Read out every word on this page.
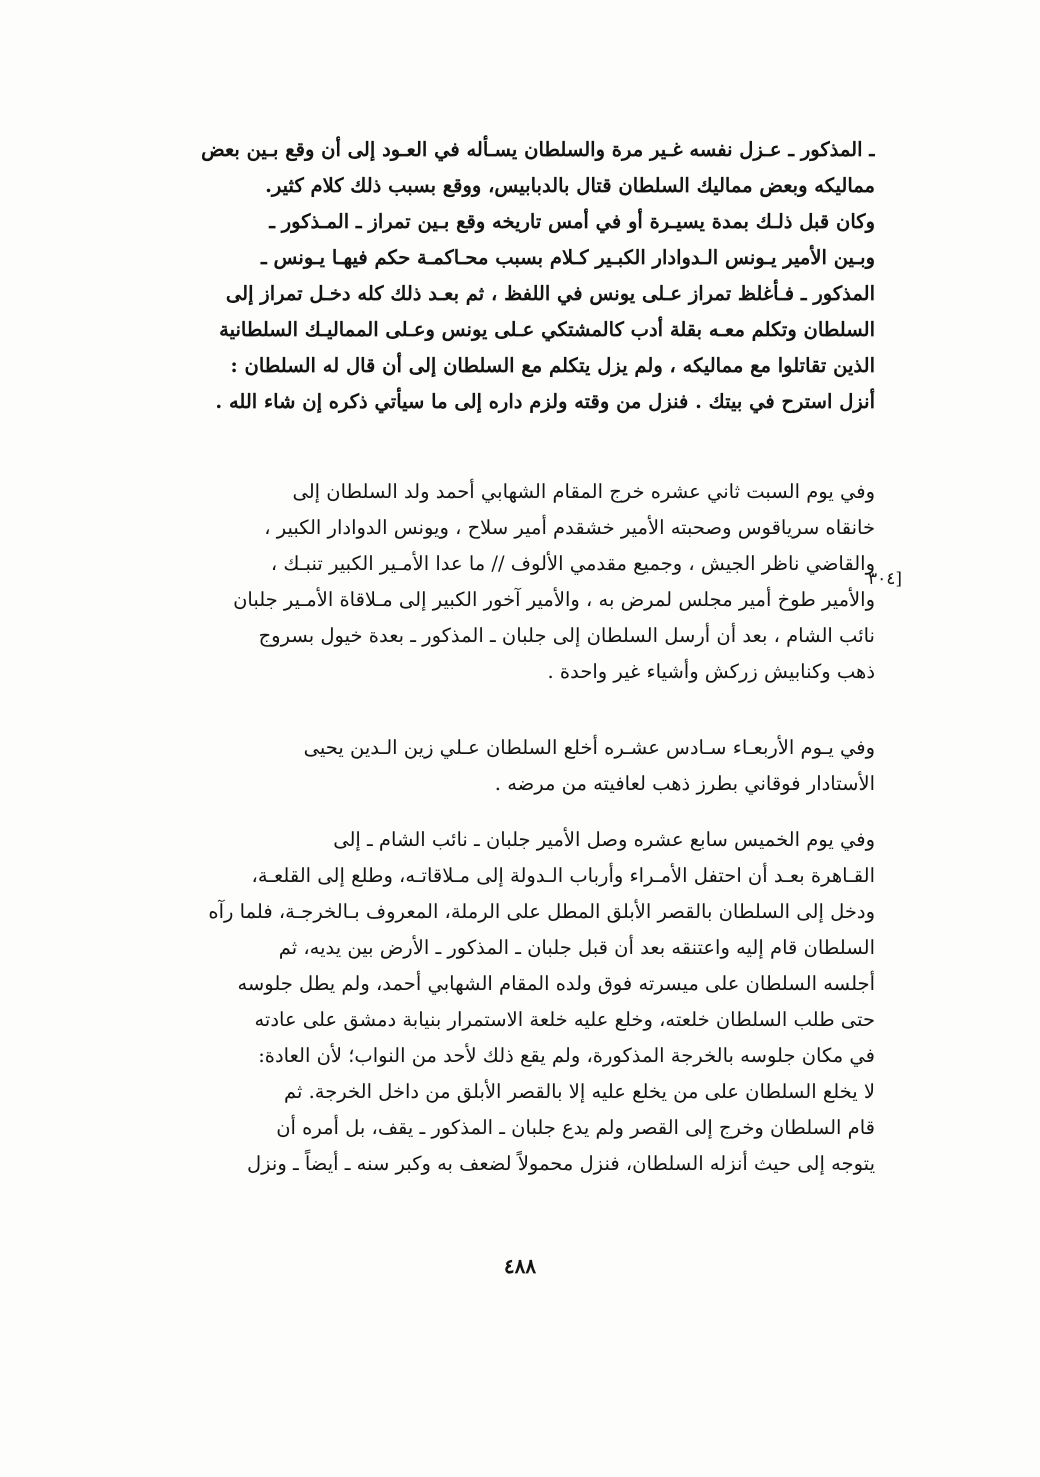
ـ المذكور ـ عـزل نفسه غـير مرة والسلطان يسـأله في العـود إلى أن وقع بـين بعض
مماليكه وبعض مماليك السلطان قتال بالدبابيس، ووقع بسبب ذلك كلام كثير.
وكان قبل ذلـك بمدة يسيـرة أو في أمس تاريخه وقع بـين تمراز ـ المـذكور ـ
وبـين الأمير يـونس الـدوادار الكبـير كـلام بسبب محـاكمـة حكم فيهـا يـونس ـ
المذكور ـ فـأغلظ تمراز عـلى يونس في اللفظ ، ثم بعـد ذلك كله دخـل تمراز إلى
السلطان وتكلم معـه بقلة أدب كالمشتكي عـلى يونس وعـلى المماليـك السلطانية
الذين تقاتلوا مع مماليكه ، ولم يزل يتكلم مع السلطان إلى أن قال له السلطان :
أنزل استرح في بيتك . فنزل من وقته ولزم داره إلى ما سيأتي ذكره إن شاء الله .
وفي يوم السبت ثاني عشره خرج المقام الشهابي أحمد ولد السلطان إلى
خانقاه سرياقوس وصحبته الأمير خشقدم أمير سلاح ، ويونس الدوادار الكبير ،
والقاضي ناظر الجيش ، وجميع مقدمي الألوف // ما عدا الأمـير الكبير تنبـك ،
والأمير طوخ أمير مجلس لمرض به ، والأمير آخور الكبير إلى مـلاقاة الأمـير جلبان
نائب الشام ، بعد أن أرسل السلطان إلى جلبان ـ المذكور ـ بعدة خيول بسروج
ذهب وكنابيش زركش وأشياء غير واحدة .
[٣٠٤
وفي يـوم الأربعـاء سـادس عشـره أخلع السلطان عـلي زين الـدين يحيى
الأستادار فوقاني بطرز ذهب لعافيته من مرضه .
وفي يوم الخميس سابع عشره وصل الأمير جلبان ـ نائب الشام ـ إلى
القـاهرة بعـد أن احتفل الأمـراء وأرباب الـدولة إلى مـلاقاتـه، وطلع إلى القلعـة،
ودخل إلى السلطان بالقصر الأبلق المطل على الرملة، المعروف بـالخرجـة، فلما رآه
السلطان قام إليه واعتنقه بعد أن قبل جلبان ـ المذكور ـ الأرض بين يديه، ثم
أجلسه السلطان على ميسرته فوق ولده المقام الشهابي أحمد، ولم يطل جلوسه
حتى طلب السلطان خلعته، وخلع عليه خلعة الاستمرار بنيابة دمشق على عادته
في مكان جلوسه بالخرجة المذكورة، ولم يقع ذلك لأحد من النواب؛ لأن العادة:
لا يخلع السلطان على من يخلع عليه إلا بالقصر الأبلق من داخل الخرجة. ثم
قام السلطان وخرج إلى القصر ولم يدع جلبان ـ المذكور ـ يقف، بل أمره أن
يتوجه إلى حيث أنزله السلطان، فنزل محمولاً لضعف به وكبر سنه ـ أيضاً ـ ونزل
٤٨٨
